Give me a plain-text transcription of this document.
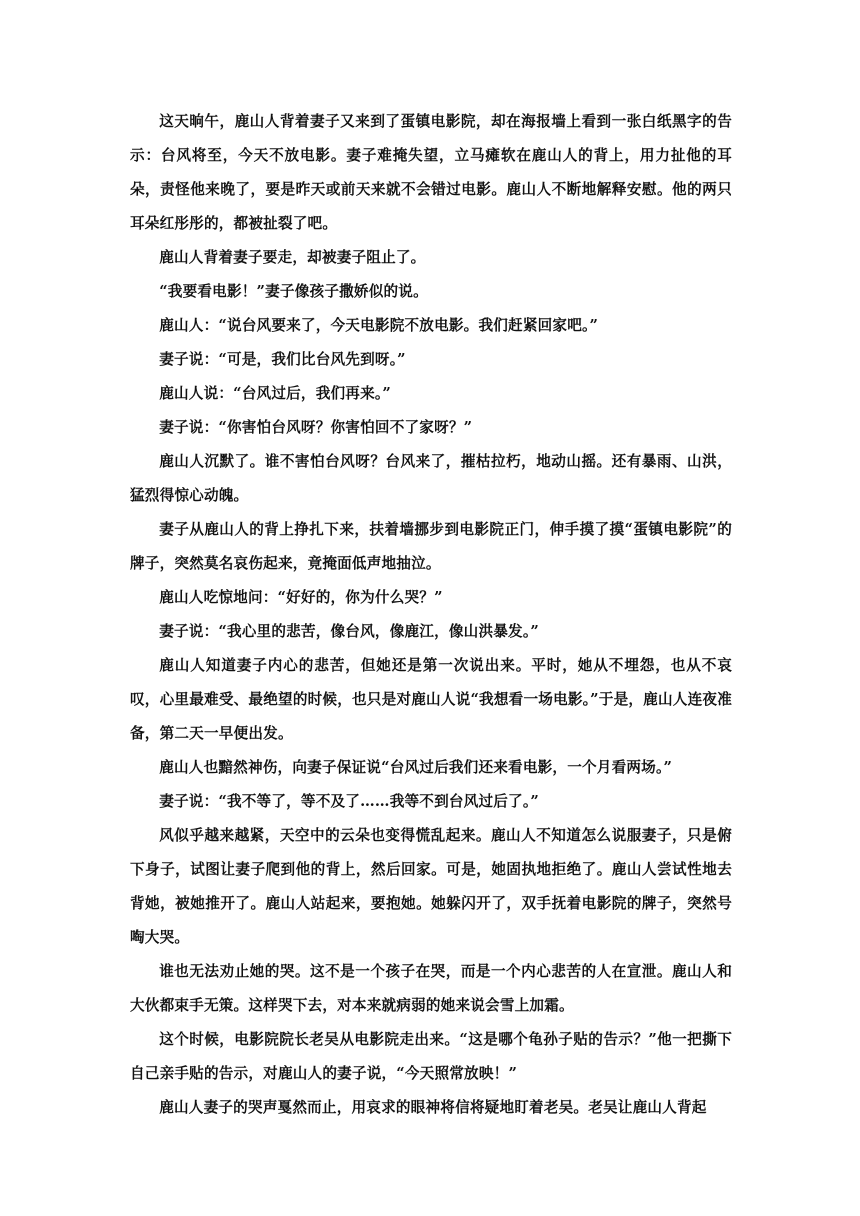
这天晌午，鹿山人背着妻子又来到了蛋镇电影院，却在海报墙上看到一张白纸黑字的告示：台风将至，今天不放电影。妻子难掩失望，立马瘫软在鹿山人的背上，用力扯他的耳朵，责怪他来晚了，要是昨天或前天来就不会错过电影。鹿山人不断地解释安慰。他的两只耳朵红彤彤的，都被扯裂了吧。

鹿山人背着妻子要走，却被妻子阻止了。

“我要看电影！”妻子像孩子撒娇似的说。

鹿山人：“说台风要来了，今天电影院不放电影。我们赶紧回家吧。”

妻子说：“可是，我们比台风先到呀。”

鹿山人说：“台风过后，我们再来。”

妻子说：“你害怕台风呀？你害怕回不了家呀？”

鹿山人沉默了。谁不害怕台风呀？台风来了，摧枯拉朽，地动山摇。还有暴雨、山洪，猛烈得惊心动魄。

妻子从鹿山人的背上挣扎下来，扶着墙挪步到电影院正门，伸手摸了摸“蛋镇电影院”的牌子，突然莫名哀伤起来，竟掩面低声地抽泣。

鹿山人吃惊地问：“好好的，你为什么哭？”

妻子说：“我心里的悲苦，像台风，像鹿江，像山洪暴发。”

鹿山人知道妻子内心的悲苦，但她还是第一次说出来。平时，她从不埋怨，也从不哀叹，心里最难受、最绝望的时候，也只是对鹿山人说“我想看一场电影。”于是，鹿山人连夜准备，第二天一早便出发。

鹿山人也黯然神伤，向妻子保证说“台风过后我们还来看电影，一个月看两场。”

妻子说：“我不等了，等不及了……我等不到台风过后了。”

风似乎越来越紧，天空中的云朵也变得慌乱起来。鹿山人不知道怎么说服妻子，只是俯下身子，试图让妻子爬到他的背上，然后回家。可是，她固执地拒绝了。鹿山人尝试性地去背她，被她推开了。鹿山人站起来，要抱她。她躲闪开了，双手抚着电影院的牌子，突然号啕大哭。

谁也无法劝止她的哭。这不是一个孩子在哭，而是一个内心悲苦的人在宣泄。鹿山人和大伙都束手无策。这样哭下去，对本来就病弱的她来说会雪上加霜。

这个时候，电影院院长老吴从电影院走出来。“这是哪个龟孙子贴的告示？”他一把撕下自己亲手贴的告示，对鹿山人的妻子说，“今天照常放映！”

鹿山人妻子的哭声戛然而止，用哀求的眼神将信将疑地盯着老吴。老吴让鹿山人背起
